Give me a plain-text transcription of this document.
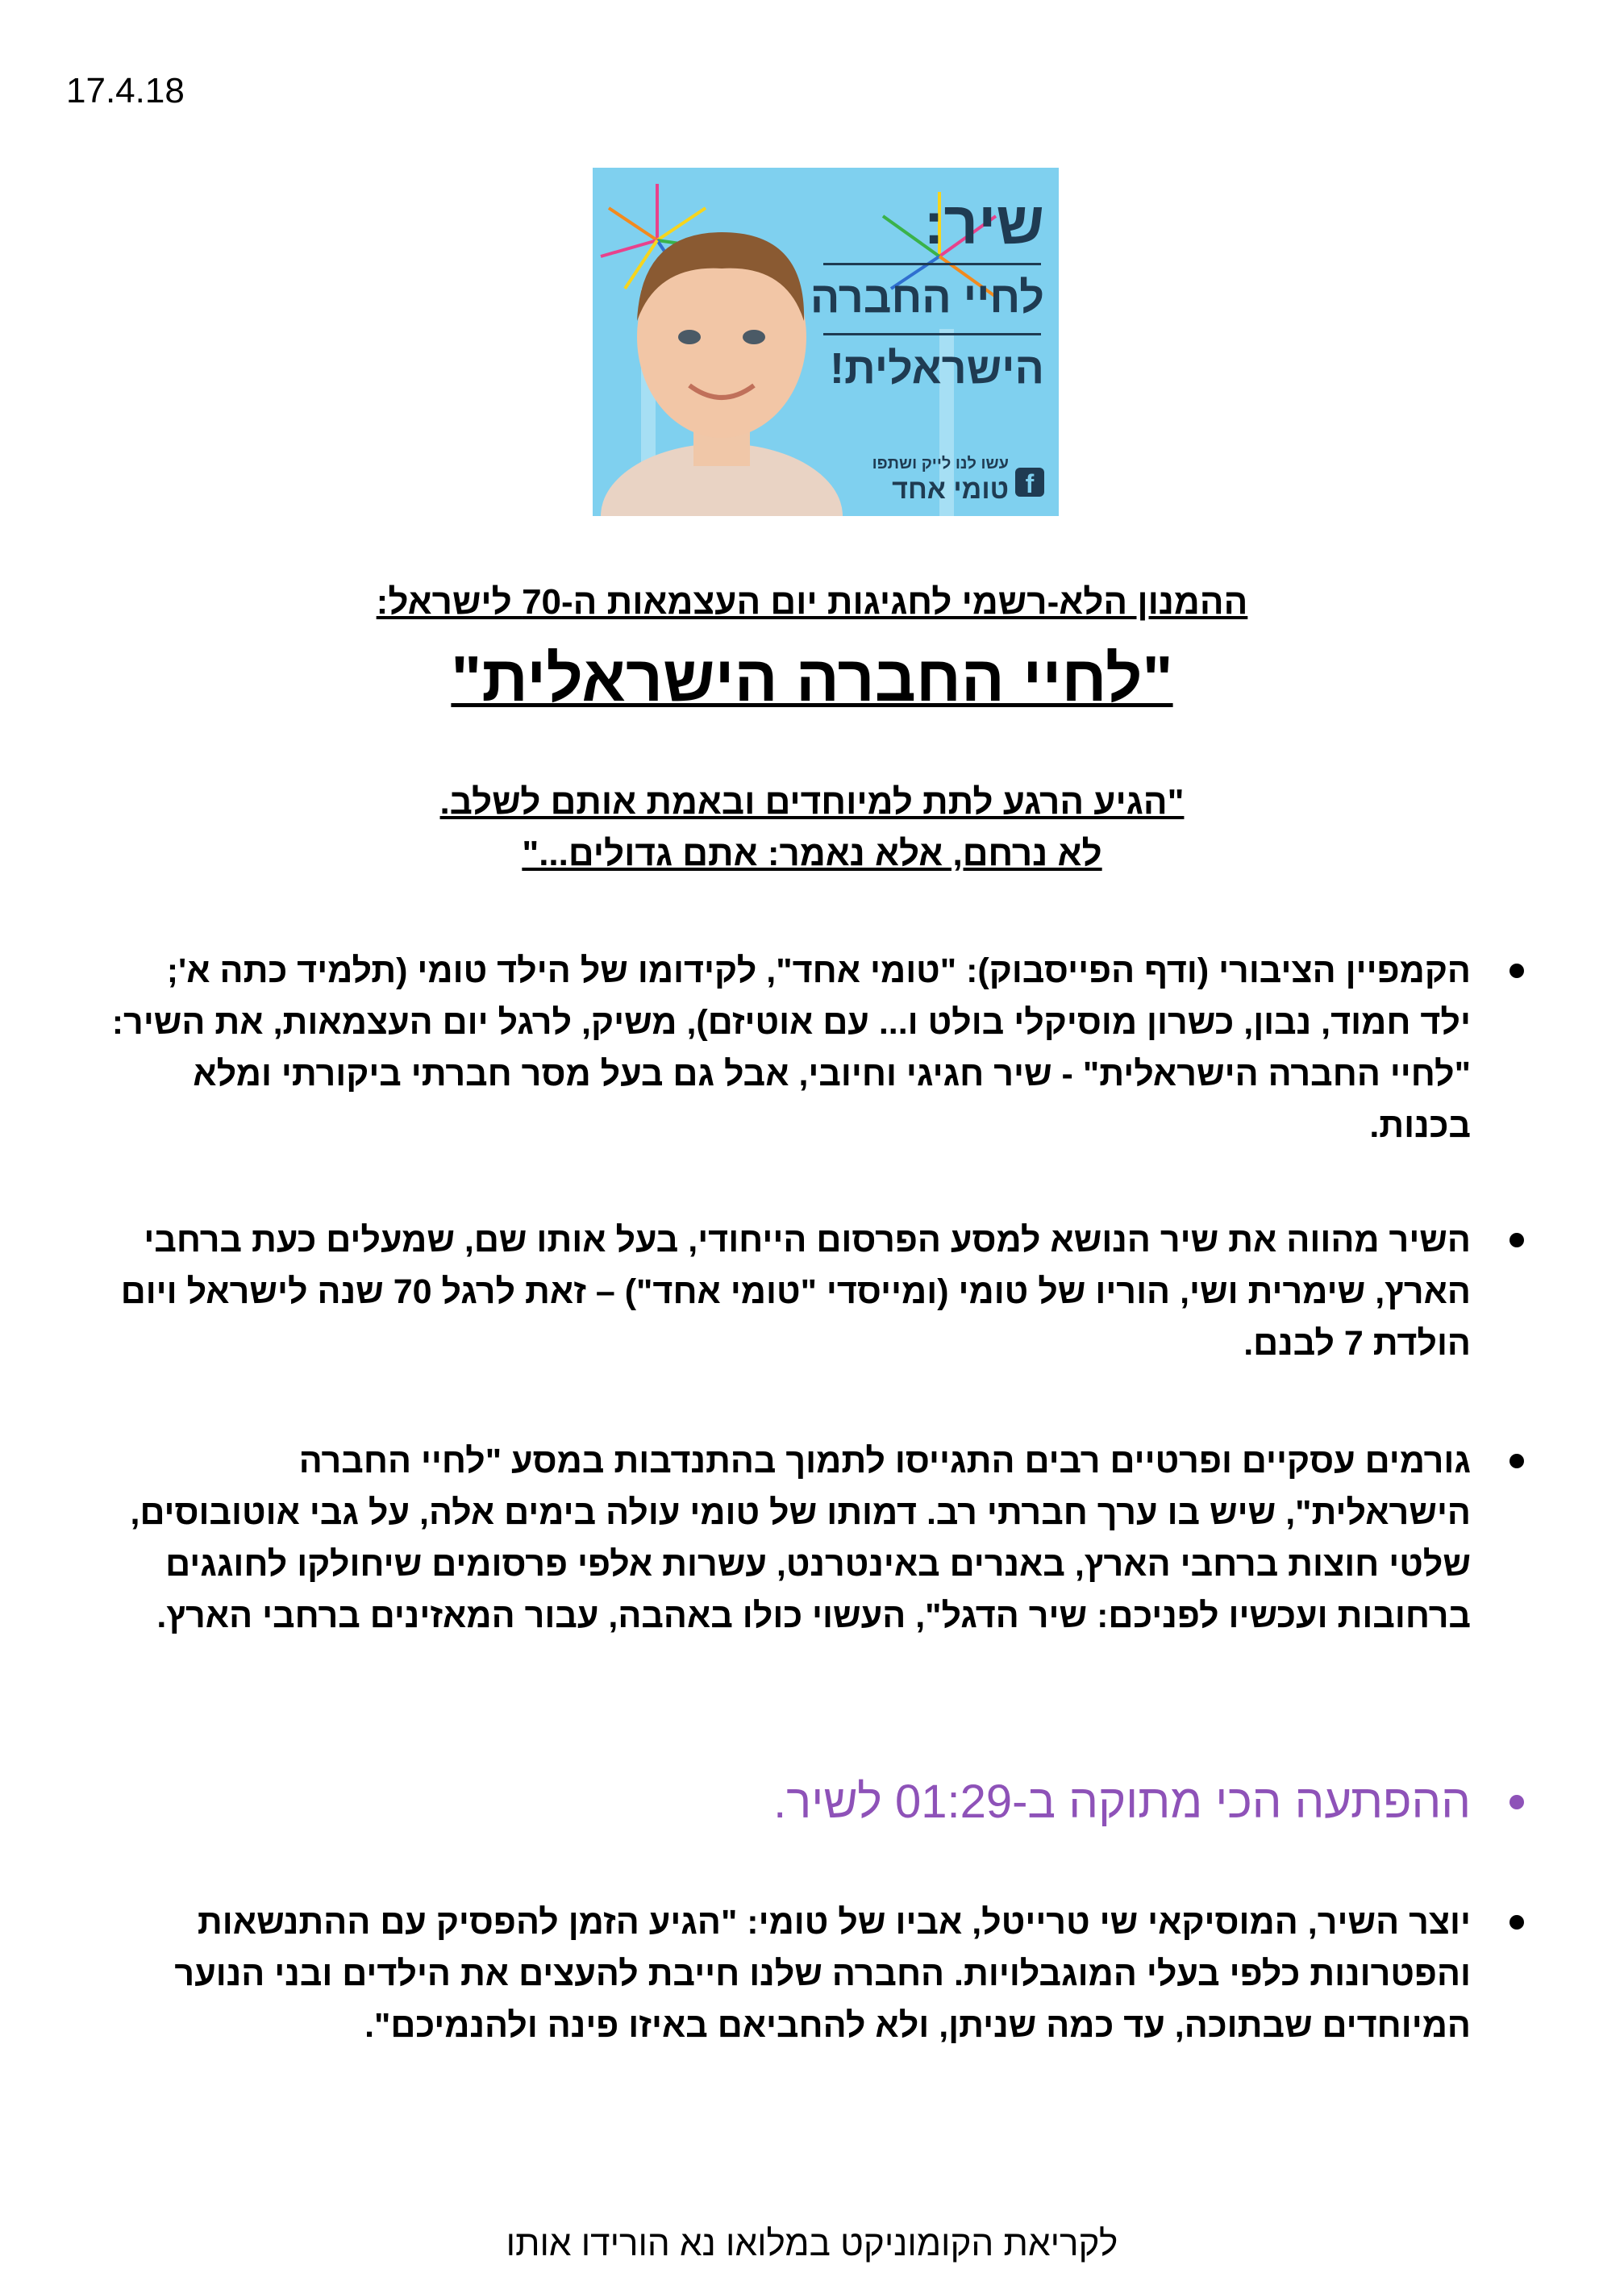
17.4.18
שיר:
לחיי החברה
הישראלית!
עשו לנו לייק ושתפו
טומי אחד f
ההמנון הלא-רשמי לחגיגות יום העצמאות ה-70 לישראל:
"לחיי החברה הישראלית"
"הגיע הרגע לתת למיוחדים ובאמת אותם לשלב.
לא נרחם, אלא נאמר: אתם גדולים..."
הקמפיין הציבורי (ודף הפייסבוק): "טומי אחד", לקידומו של הילד טומי (תלמיד כתה א'; ילד חמוד, נבון, כשרון מוסיקלי בולט ו... עם אוטיזם), משיק, לרגל יום העצמאות, את השיר: "לחיי החברה הישראלית" - שיר חגיגי וחיובי, אבל גם בעל מסר חברתי ביקורתי ומלא בכנות.
השיר מהווה את שיר הנושא למסע הפרסום הייחודי, בעל אותו שם, שמעלים כעת ברחבי הארץ, שימרית ושי, הוריו של טומי (ומייסדי "טומי אחד") – זאת לרגל 70 שנה לישראל ויום הולדת 7 לבנם.
גורמים עסקיים ופרטיים רבים התגייסו לתמוך בהתנדבות במסע "לחיי החברה הישראלית", שיש בו ערך חברתי רב. דמותו של טומי עולה בימים אלה, על גבי אוטובוסים, שלטי חוצות ברחבי הארץ, באנרים באינטרנט, עשרות אלפי פרסומים שיחולקו לחוגגים ברחובות ועכשיו לפניכם: שיר הדגל", העשוי כולו באהבה, עבור המאזינים ברחבי הארץ.
ההפתעה הכי מתוקה ב-01:29 לשיר.
יוצר השיר, המוסיקאי שי טרייטל, אביו של טומי: "הגיע הזמן להפסיק עם ההתנשאות והפטרונות כלפי בעלי המוגבלויות. החברה שלנו חייבת להעצים את הילדים ובני הנוער המיוחדים שבתוכה, עד כמה שניתן, ולא להחביאם באיזו פינה ולהנמיכם".
לקריאת הקומוניקט במלואו נא הורידו אותו
